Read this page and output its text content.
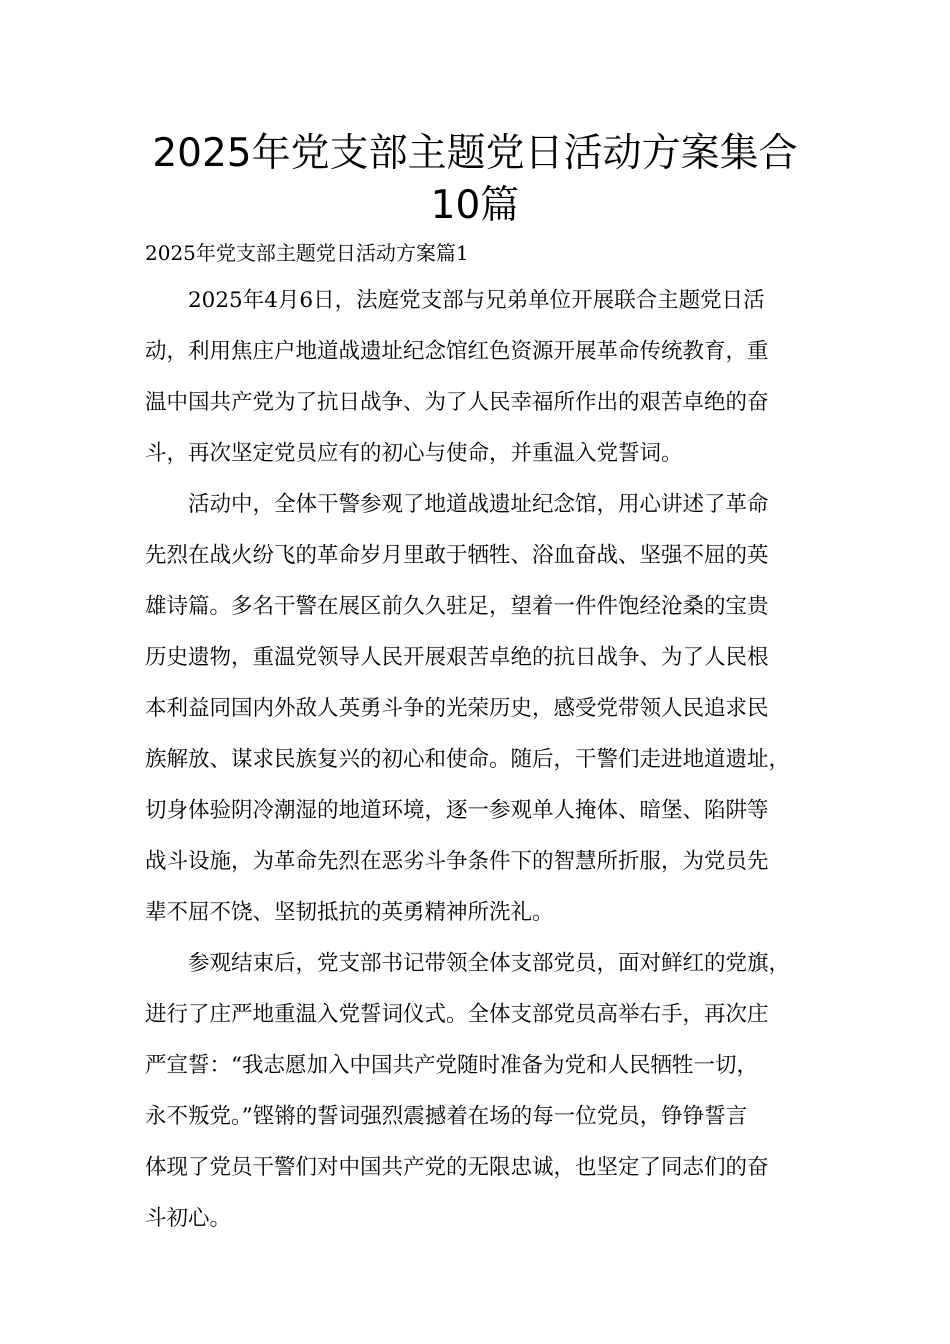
2025年党支部主题党日活动方案集合
10篇

2025年党支部主题党日活动方案篇1

2025年4月6日，法庭党支部与兄弟单位开展联合主题党日活

动，利用焦庄户地道战遗址纪念馆红色资源开展革命传统教育，重

温中国共产党为了抗日战争、为了人民幸福所作出的艰苦卓绝的奋

斗，再次坚定党员应有的初心与使命，并重温入党誓词。

活动中，全体干警参观了地道战遗址纪念馆，用心讲述了革命

先烈在战火纷飞的革命岁月里敢于牺牲、浴血奋战、坚强不屈的英

雄诗篇。多名干警在展区前久久驻足，望着一件件饱经沧桑的宝贵

历史遗物，重温党领导人民开展艰苦卓绝的抗日战争、为了人民根

本利益同国内外敌人英勇斗争的光荣历史，感受党带领人民追求民

族解放、谋求民族复兴的初心和使命。随后，干警们走进地道遗址，

切身体验阴冷潮湿的地道环境，逐一参观单人掩体、暗堡、陷阱等

战斗设施，为革命先烈在恶劣斗争条件下的智慧所折服，为党员先

辈不屈不饶、坚韧抵抗的英勇精神所洗礼。

参观结束后，党支部书记带领全体支部党员，面对鲜红的党旗，

进行了庄严地重温入党誓词仪式。全体支部党员高举右手，再次庄

严宣誓：“我志愿加入中国共产党随时准备为党和人民牺牲一切，

永不叛党。”铿锵的誓词强烈震撼着在场的每一位党员，铮铮誓言

体现了党员干警们对中国共产党的无限忠诚，也坚定了同志们的奋

斗初心。
